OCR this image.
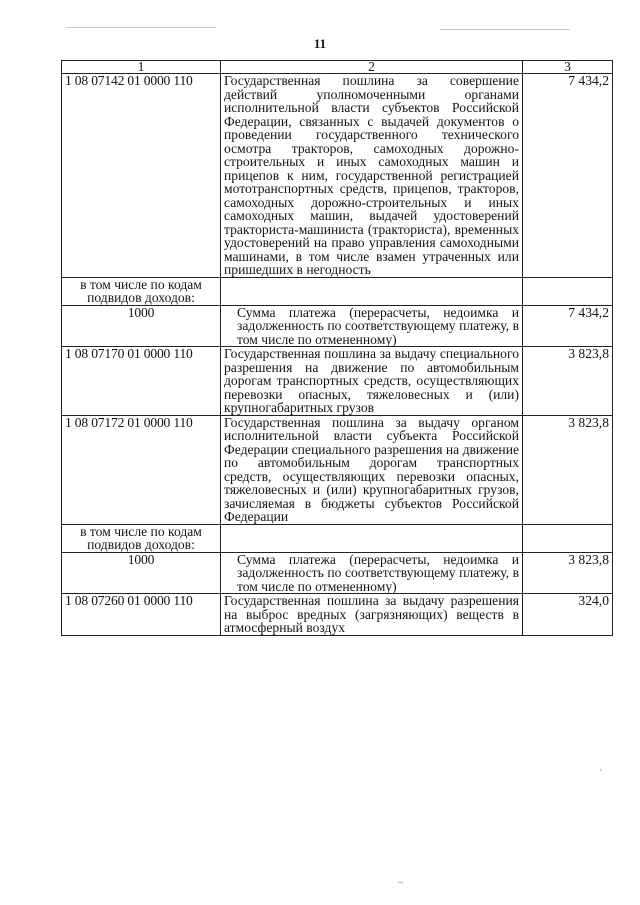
11
1	2	3
1 08 07142 01 0000 110	Государственная пошлина за совершение действий уполномоченными органами исполнительной власти субъектов Российской Федерации, связанных с выдачей документов о проведении государственного технического осмотра тракторов, самоходных дорожно-строительных и иных самоходных машин и прицепов к ним, государственной регистрацией мототранспортных средств, прицепов, тракторов, самоходных дорожно-строительных и иных самоходных машин, выдачей удостоверений тракториста-машиниста (тракториста), временных удостоверений на право управления самоходными машинами, в том числе взамен утраченных или пришедших в негодность	7 434,2
в том числе по кодам подвидов доходов:		
1000	Сумма платежа (перерасчеты, недоимка и задолженность по соответствующему платежу, в том числе по отмененному)	7 434,2
1 08 07170 01 0000 110	Государственная пошлина за выдачу специального разрешения на движение по автомобильным дорогам транспортных средств, осуществляющих перевозки опасных, тяжеловесных и (или) крупногабаритных грузов	3 823,8
1 08 07172 01 0000 110	Государственная пошлина за выдачу органом исполнительной власти субъекта Российской Федерации специального разрешения на движение по автомобильным дорогам транспортных средств, осуществляющих перевозки опасных, тяжеловесных и (или) крупногабаритных грузов, зачисляемая в бюджеты субъектов Российской Федерации	3 823,8
в том числе по кодам подвидов доходов:		
1000	Сумма платежа (перерасчеты, недоимка и задолженность по соответствующему платежу, в том числе по отмененному)	3 823,8
1 08 07260 01 0000 110	Государственная пошлина за выдачу разрешения на выброс вредных (загрязняющих) веществ в атмосферный воздух	324,0
'
~
